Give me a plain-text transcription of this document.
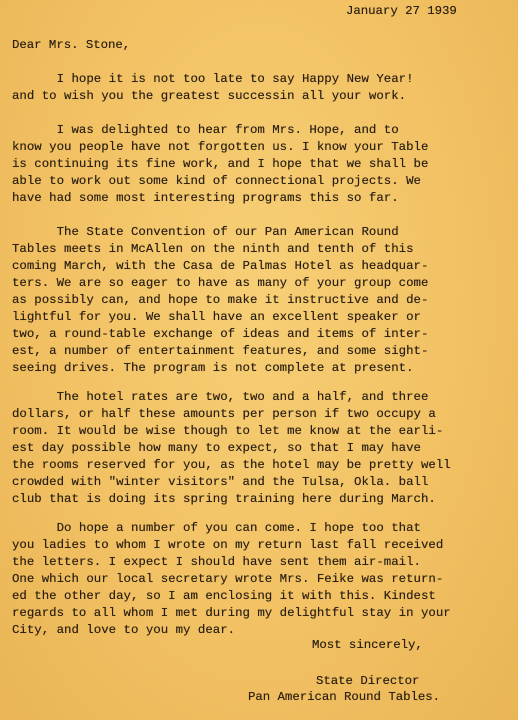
January 27 1939
Dear Mrs. Stone,
I hope it is not too late to say Happy New Year!
and to wish you the greatest successin all your work.
I was delighted to hear from Mrs. Hope, and to
know you people have not forgotten us. I know your Table
is continuing its fine work, and I hope that we shall be
able to work out some kind of connectional projects. We
have had some most interesting programs this so far.
The State Convention of our Pan American Round
Tables meets in McAllen on the ninth and tenth of this
coming March, with the Casa de Palmas Hotel as headquar-
ters. We are so eager to have as many of your group come
as possibly can, and hope to make it instructive and de-
lightful for you. We shall have an excellent speaker or
two, a round-table exchange of ideas and items of inter-
est, a number of entertainment features, and some sight-
seeing drives. The program is not complete at present.
The hotel rates are two, two and a half, and three
dollars, or half these amounts per person if two occupy a
room. It would be wise though to let me know at the earli-
est day possible how many to expect, so that I may have
the rooms reserved for you, as the hotel may be pretty well
crowded with "winter visitors" and the Tulsa, Okla. ball
club that is doing its spring training here during March.
Do hope a number of you can come. I hope too that
you ladies to whom I wrote on my return last fall received
the letters. I expect I should have sent them air-mail.
One which our local secretary wrote Mrs. Feike was return-
ed the other day, so I am enclosing it with this. Kindest
regards to all whom I met during my delightful stay in your
City, and love to you my dear.
Most sincerely,
State Director
Pan American Round Tables.
